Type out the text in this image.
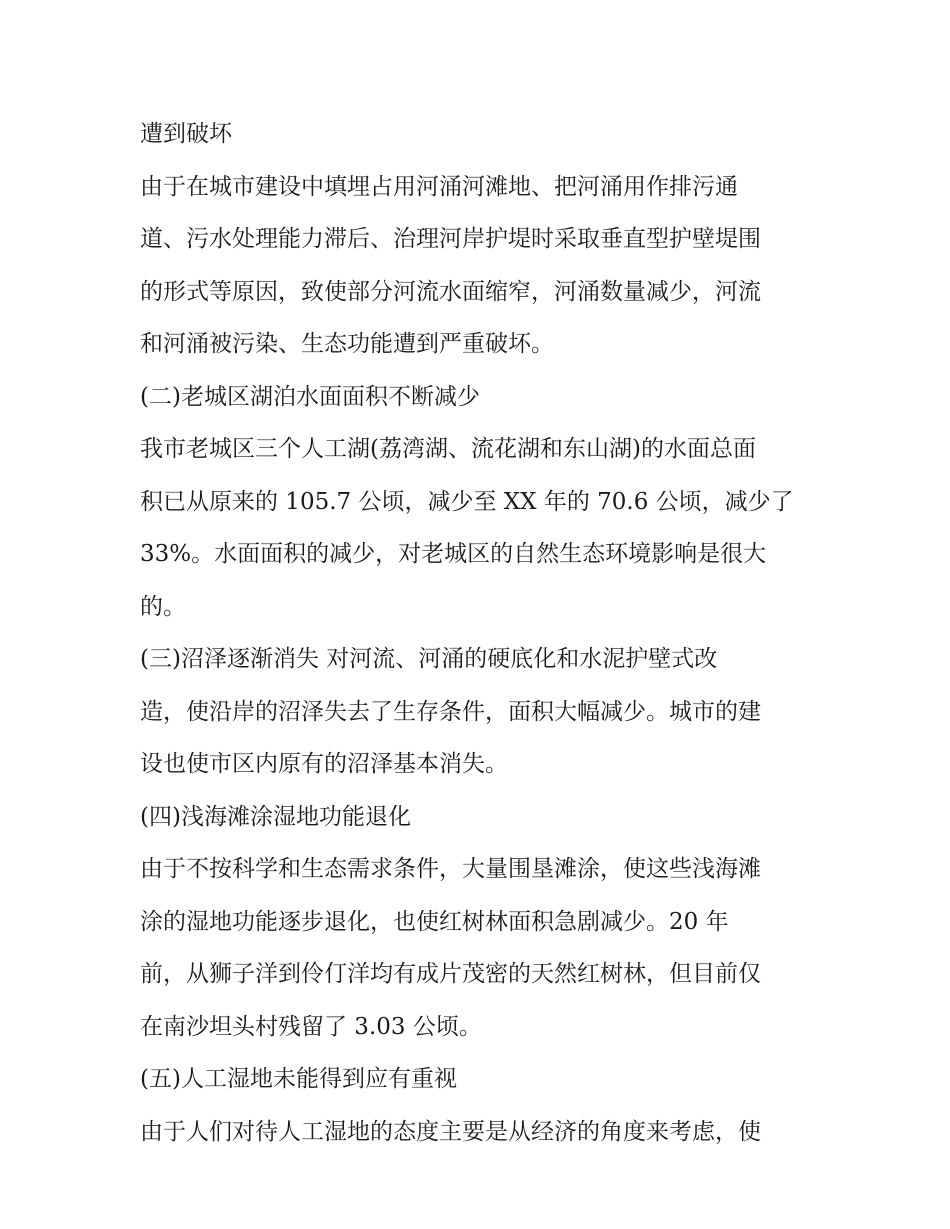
遭到破坏
由于在城市建设中填埋占用河涌河滩地、把河涌用作排污通
道、污水处理能力滞后、治理河岸护堤时采取垂直型护壁堤围
的形式等原因，致使部分河流水面缩窄，河涌数量减少，河流
和河涌被污染、生态功能遭到严重破坏。
(二)老城区湖泊水面面积不断减少
我市老城区三个人工湖(荔湾湖、流花湖和东山湖)的水面总面
积已从原来的 105.7 公顷，减少至 XX 年的 70.6 公顷，减少了
33%。水面面积的减少，对老城区的自然生态环境影响是很大
的。
(三)沼泽逐渐消失 对河流、河涌的硬底化和水泥护壁式改
造，使沿岸的沼泽失去了生存条件，面积大幅减少。城市的建
设也使市区内原有的沼泽基本消失。
(四)浅海滩涂湿地功能退化
由于不按科学和生态需求条件，大量围垦滩涂，使这些浅海滩
涂的湿地功能逐步退化，也使红树林面积急剧减少。20 年
前，从狮子洋到伶仃洋均有成片茂密的天然红树林，但目前仅
在南沙坦头村残留了 3.03 公顷。
(五)人工湿地未能得到应有重视
由于人们对待人工湿地的态度主要是从经济的角度来考虑，使
